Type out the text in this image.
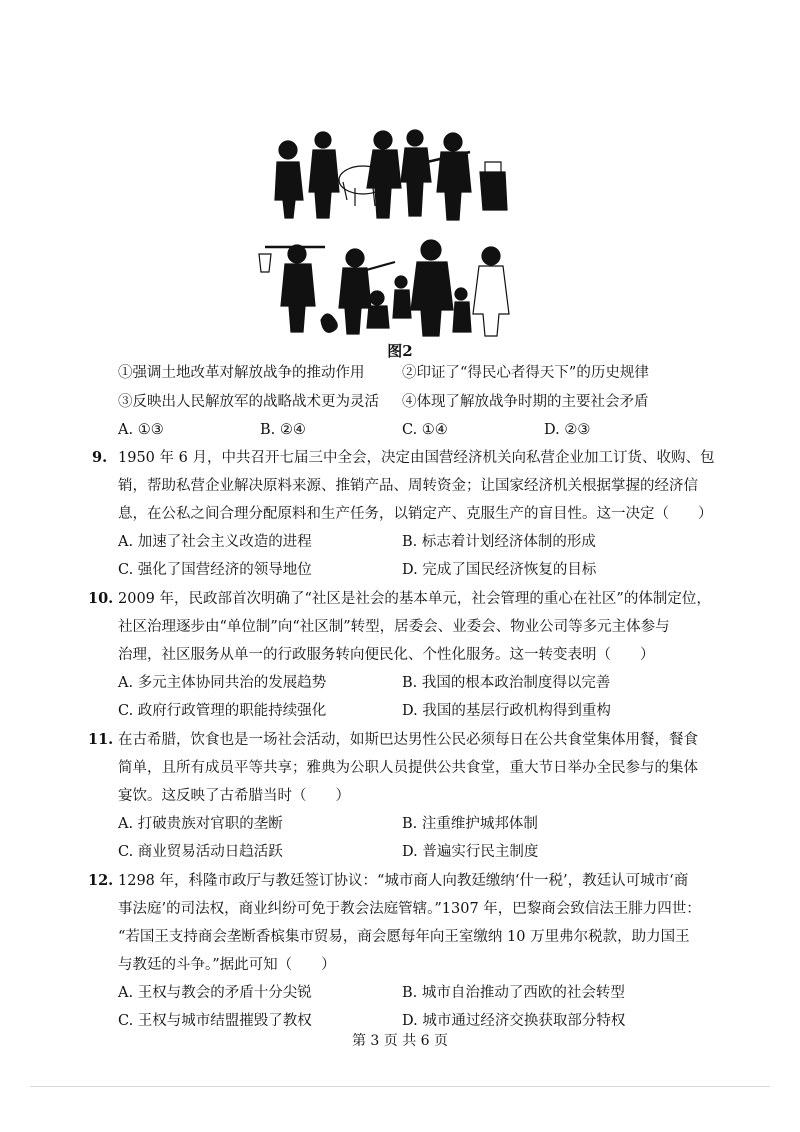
图2
①强调土地改革对解放战争的推动作用	②印证了“得民心者得天下”的历史规律
③反映出人民解放军的战略战术更为灵活 ④体现了解放战争时期的主要社会矛盾
A. ①③	B. ②④	C. ①④	D. ②③
9. 1950 年 6 月，中共召开七届三中全会，决定由国营经济机关向私营企业加工订货、收购、包
销，帮助私营企业解决原料来源、推销产品、周转资金；让国家经济机关根据掌握的经济信
息，在公私之间合理分配原料和生产任务，以销定产、克服生产的盲目性。这一决定（　　）
A. 加速了社会主义改造的进程	B. 标志着计划经济体制的形成
C. 强化了国营经济的领导地位	D. 完成了国民经济恢复的目标
10. 2009 年，民政部首次明确了“社区是社会的基本单元，社会管理的重心在社区”的体制定位，
社区治理逐步由“单位制”向“社区制”转型，居委会、业委会、物业公司等多元主体参与
治理，社区服务从单一的行政服务转向便民化、个性化服务。这一转变表明（　　）
A. 多元主体协同共治的发展趋势	B. 我国的根本政治制度得以完善
C. 政府行政管理的职能持续强化	D. 我国的基层行政机构得到重构
11. 在古希腊，饮食也是一场社会活动，如斯巴达男性公民必须每日在公共食堂集体用餐，餐食
简单，且所有成员平等共享；雅典为公职人员提供公共食堂，重大节日举办全民参与的集体
宴饮。这反映了古希腊当时（　　）
A. 打破贵族对官职的垄断	B. 注重维护城邦体制
C. 商业贸易活动日趋活跃	D. 普遍实行民主制度
12. 1298 年，科隆市政厅与教廷签订协议：“城市商人向教廷缴纳‘什一税’，教廷认可城市‘商
事法庭’的司法权，商业纠纷可免于教会法庭管辖。”1307 年，巴黎商会致信法王腓力四世：
“若国王支持商会垄断香槟集市贸易，商会愿每年向王室缴纳 10 万里弗尔税款，助力国王
与教廷的斗争。”据此可知（　　）
A. 王权与教会的矛盾十分尖锐	B. 城市自治推动了西欧的社会转型
C. 王权与城市结盟摧毁了教权	D. 城市通过经济交换获取部分特权
第 3 页 共 6 页
